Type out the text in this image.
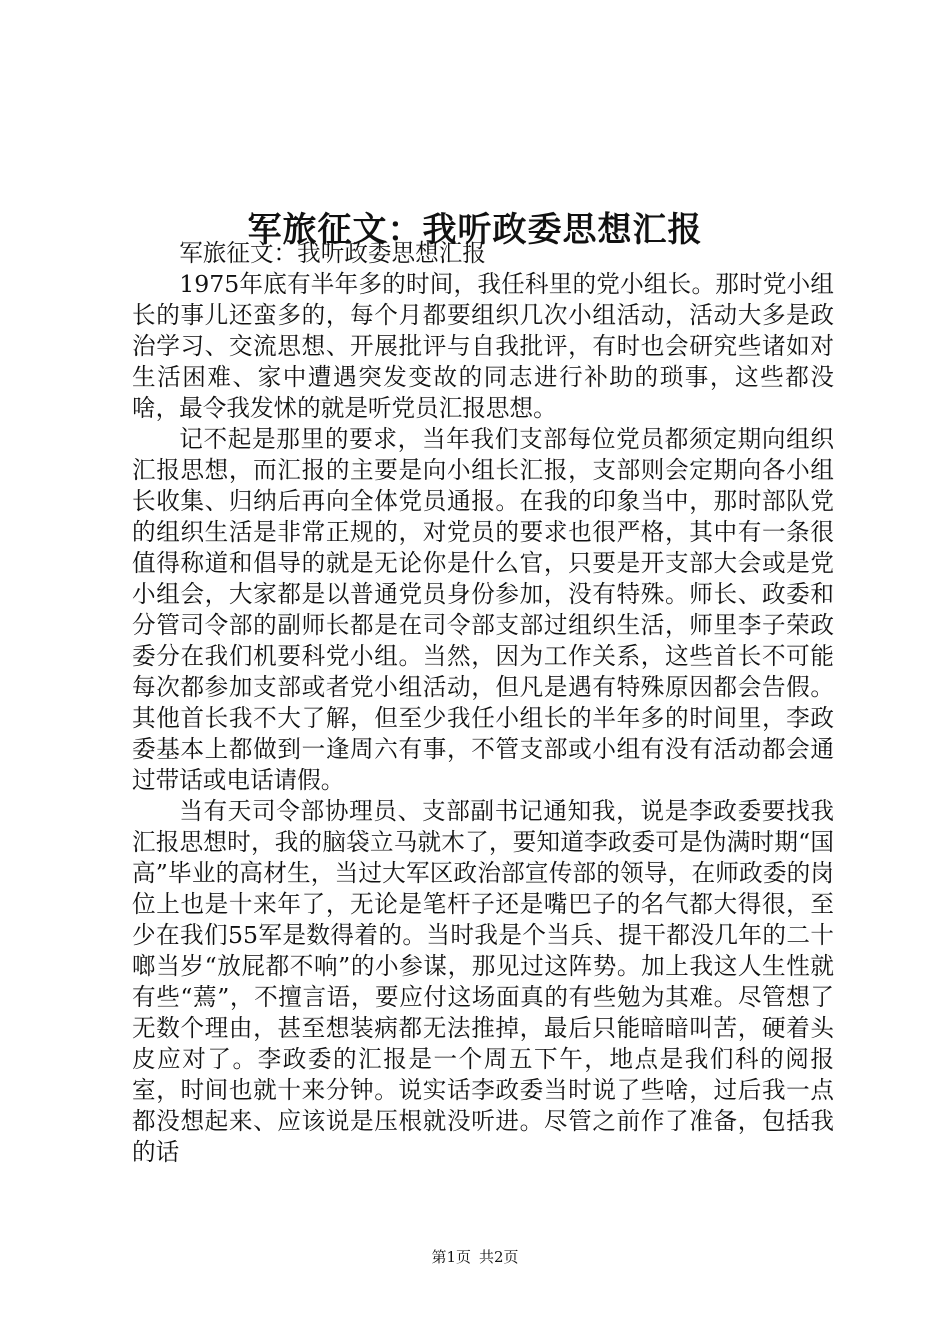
军旅征文：我听政委思想汇报

军旅征文：我听政委思想汇报

1975年底有半年多的时间，我任科里的党小组长。那时党小组长的事儿还蛮多的，每个月都要组织几次小组活动，活动大多是政治学习、交流思想、开展批评与自我批评，有时也会研究些诸如对生活困难、家中遭遇突发变故的同志进行补助的琐事，这些都没啥，最令我发怵的就是听党员汇报思想。

记不起是那里的要求，当年我们支部每位党员都须定期向组织汇报思想，而汇报的主要是向小组长汇报，支部则会定期向各小组长收集、归纳后再向全体党员通报。在我的印象当中，那时部队党的组织生活是非常正规的，对党员的要求也很严格，其中有一条很值得称道和倡导的就是无论你是什么官，只要是开支部大会或是党小组会，大家都是以普通党员身份参加，没有特殊。师长、政委和分管司令部的副师长都是在司令部支部过组织生活，师里李子荣政委分在我们机要科党小组。当然，因为工作关系，这些首长不可能每次都参加支部或者党小组活动，但凡是遇有特殊原因都会告假。其他首长我不大了解，但至少我任小组长的半年多的时间里，李政委基本上都做到一逢周六有事，不管支部或小组有没有活动都会通过带话或电话请假。

当有天司令部协理员、支部副书记通知我，说是李政委要找我汇报思想时，我的脑袋立马就木了，要知道李政委可是伪满时期“国高”毕业的高材生，当过大军区政治部宣传部的领导，在师政委的岗位上也是十来年了，无论是笔杆子还是嘴巴子的名气都大得很，至少在我们55军是数得着的。当时我是个当兵、提干都没几年的二十啷当岁“放屁都不响”的小参谋，那见过这阵势。加上我这人生性就有些“蔫”，不擅言语，要应付这场面真的有些勉为其难。尽管想了无数个理由，甚至想装病都无法推掉，最后只能暗暗叫苦，硬着头皮应对了。李政委的汇报是一个周五下午，地点是我们科的阅报室，时间也就十来分钟。说实话李政委当时说了些啥，过后我一点都没想起来、应该说是压根就没听进。尽管之前作了准备，包括我的话

第1页 共2页
